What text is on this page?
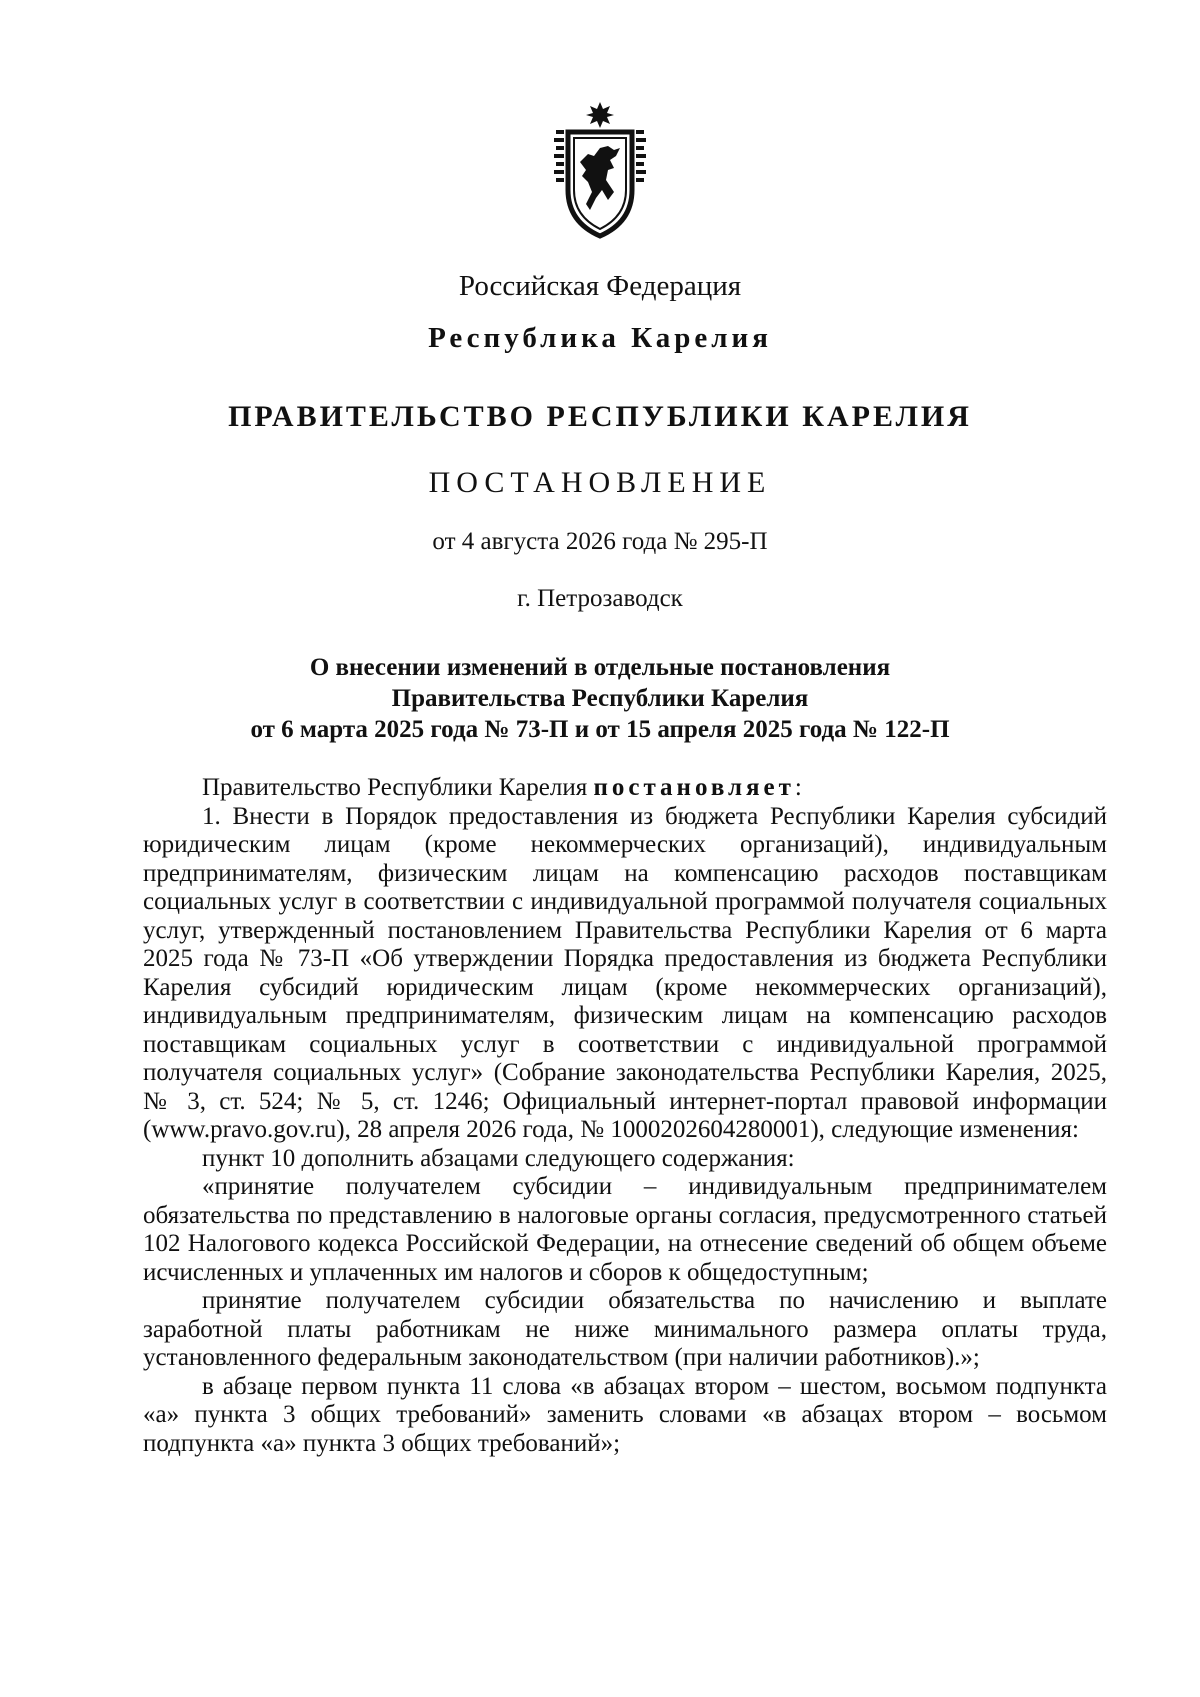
Российская Федерация
Республика Карелия
ПРАВИТЕЛЬСТВО РЕСПУБЛИКИ КАРЕЛИЯ
ПОСТАНОВЛЕНИЕ
от 4 августа 2026 года № 295-П
г. Петрозаводск
О внесении изменений в отдельные постановления
Правительства Республики Карелия
от 6 марта 2025 года № 73-П и от 15 апреля 2025 года № 122-П

Правительство Республики Карелия постановляет:

1. Внести в Порядок предоставления из бюджета Республики Карелия субсидий юридическим лицам (кроме некоммерческих организаций), индивидуальным предпринимателям, физическим лицам на компенсацию расходов поставщикам социальных услуг в соответствии с индивидуальной программой получателя социальных услуг, утвержденный постановлением Правительства Республики Карелия от 6 марта 2025 года № 73-П «Об утверждении Порядка предоставления из бюджета Республики Карелия субсидий юридическим лицам (кроме некоммерческих организаций), индивидуальным предпринимателям, физическим лицам на компенсацию расходов поставщикам социальных услуг в соответствии с индивидуальной программой получателя социальных услуг» (Собрание законодательства Республики Карелия, 2025, № 3, ст. 524; № 5, ст. 1246; Официальный интернет-портал правовой информации (www.pravo.gov.ru), 28 апреля 2026 года, № 1000202604280001), следующие изменения:

пункт 10 дополнить абзацами следующего содержания:

«принятие получателем субсидии – индивидуальным предпринимателем обязательства по представлению в налоговые органы согласия, предусмотренного статьей 102 Налогового кодекса Российской Федерации, на отнесение сведений об общем объеме исчисленных и уплаченных им налогов и сборов к общедоступным;

принятие получателем субсидии обязательства по начислению и выплате заработной платы работникам не ниже минимального размера оплаты труда, установленного федеральным законодательством (при наличии работников).»;

в абзаце первом пункта 11 слова «в абзацах втором – шестом, восьмом подпункта «а» пункта 3 общих требований» заменить словами «в абзацах втором – восьмом подпункта «а» пункта 3 общих требований»;
